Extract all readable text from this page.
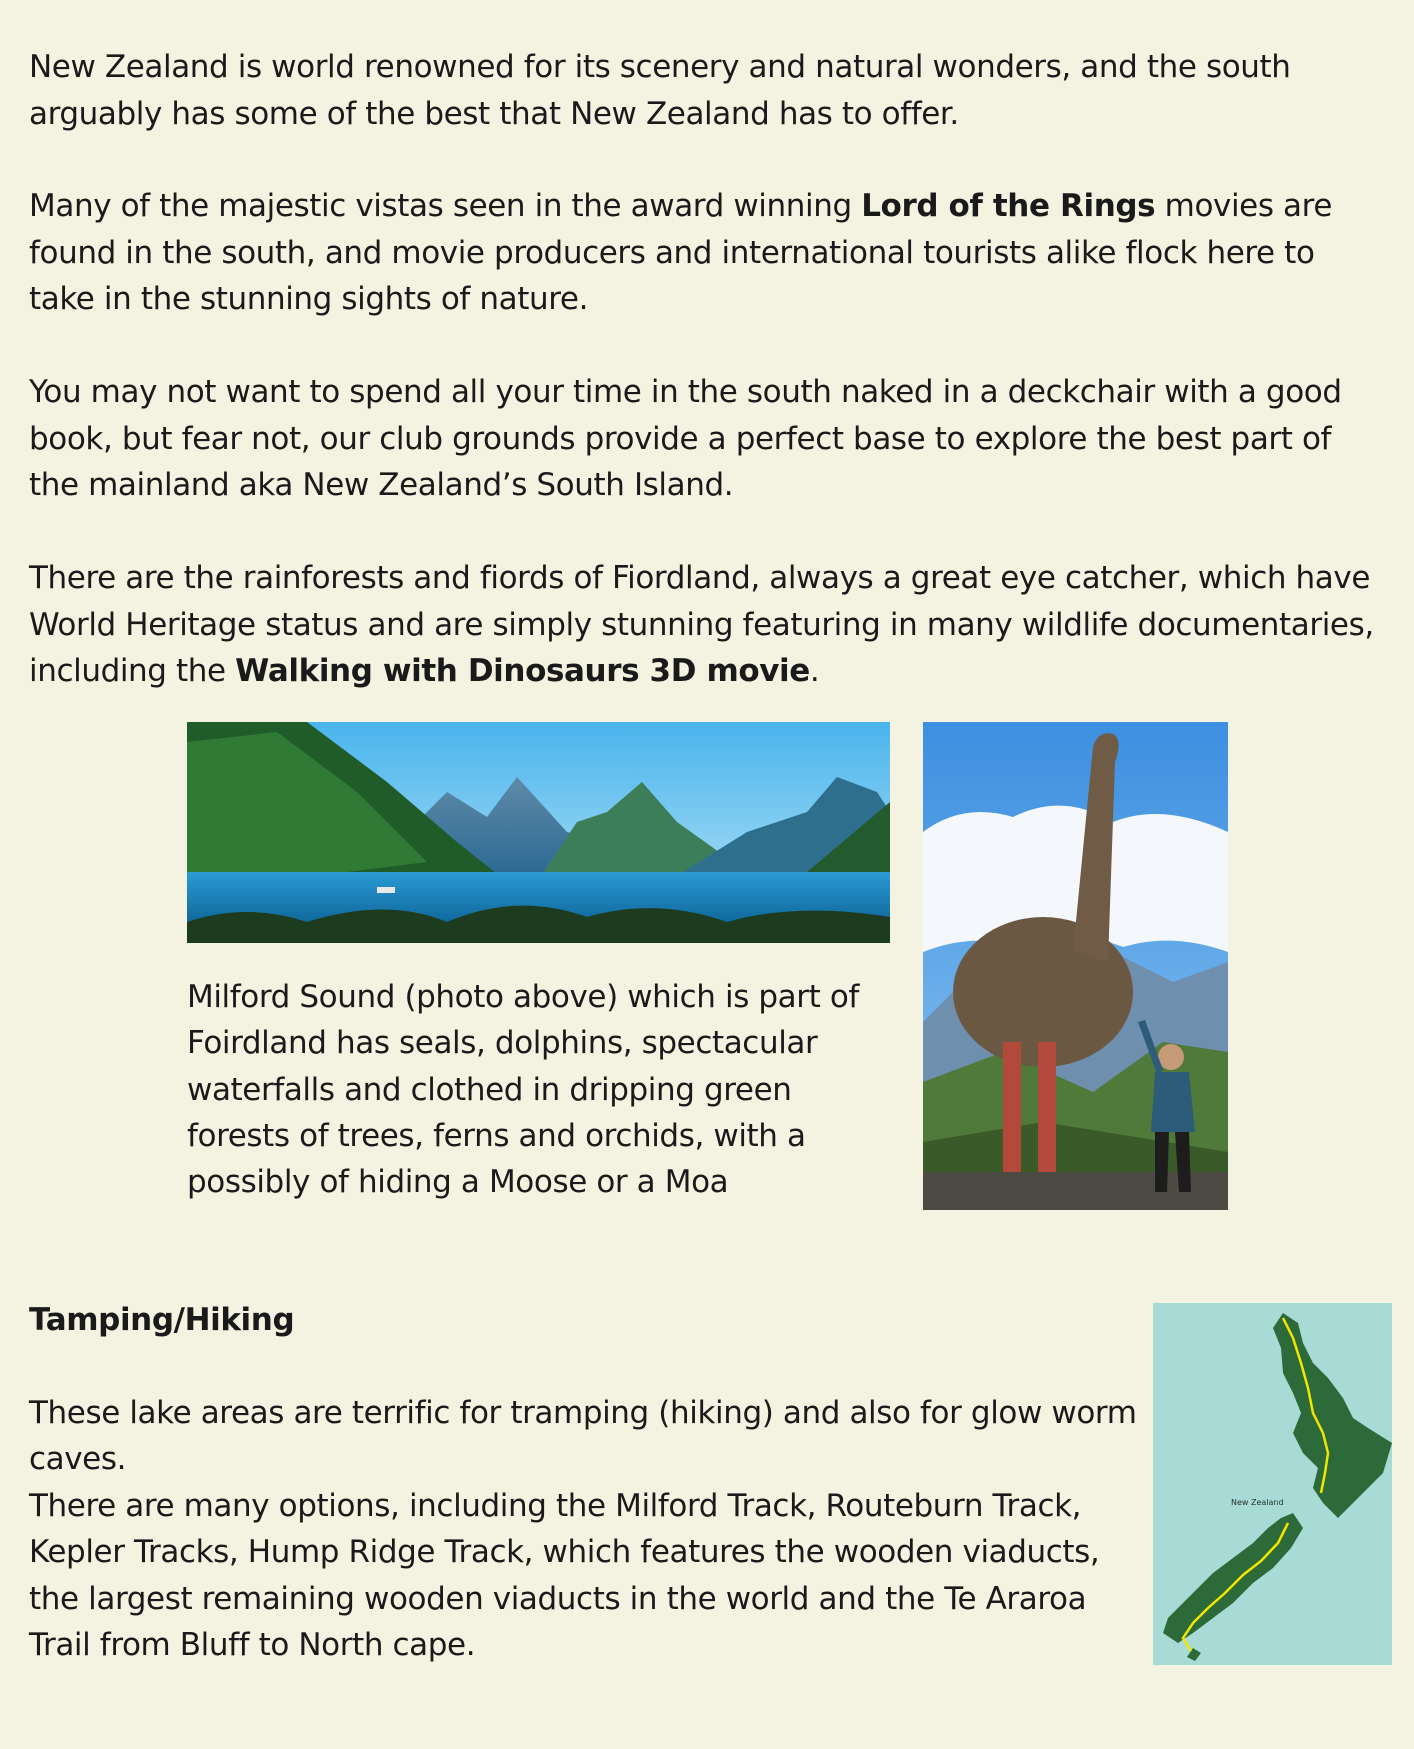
New Zealand is world renowned for its scenery and natural wonders, and the south arguably has some of the best that New Zealand has to offer.

Many of the majestic vistas seen in the award winning Lord of the Rings movies are found in the south, and movie producers and international tourists alike flock here to take in the stunning sights of nature.

You may not want to spend all your time in the south naked in a deckchair with a good book, but fear not, our club grounds provide a perfect base to explore the best part of the mainland aka New Zealand’s South Island.

There are the rainforests and fiords of Fiordland, always a great eye catcher, which have World Heritage status and are simply stunning featuring in many wildlife documentaries, including the Walking with Dinosaurs 3D movie.

Milford Sound (photo above) which is part of Foirdland has seals, dolphins, spectacular waterfalls and clothed in dripping green forests of trees, ferns and orchids, with a possibly of hiding a Moose or a Moa

Tamping/Hiking

These lake areas are terrific for tramping (hiking) and also for glow worm caves.

There are many options, including the Milford Track, Routeburn Track, Kepler Tracks, Hump Ridge Track, which features the wooden viaducts, the largest remaining wooden viaducts in the world and the Te Araroa Trail from Bluff to North cape.

New Zealand
